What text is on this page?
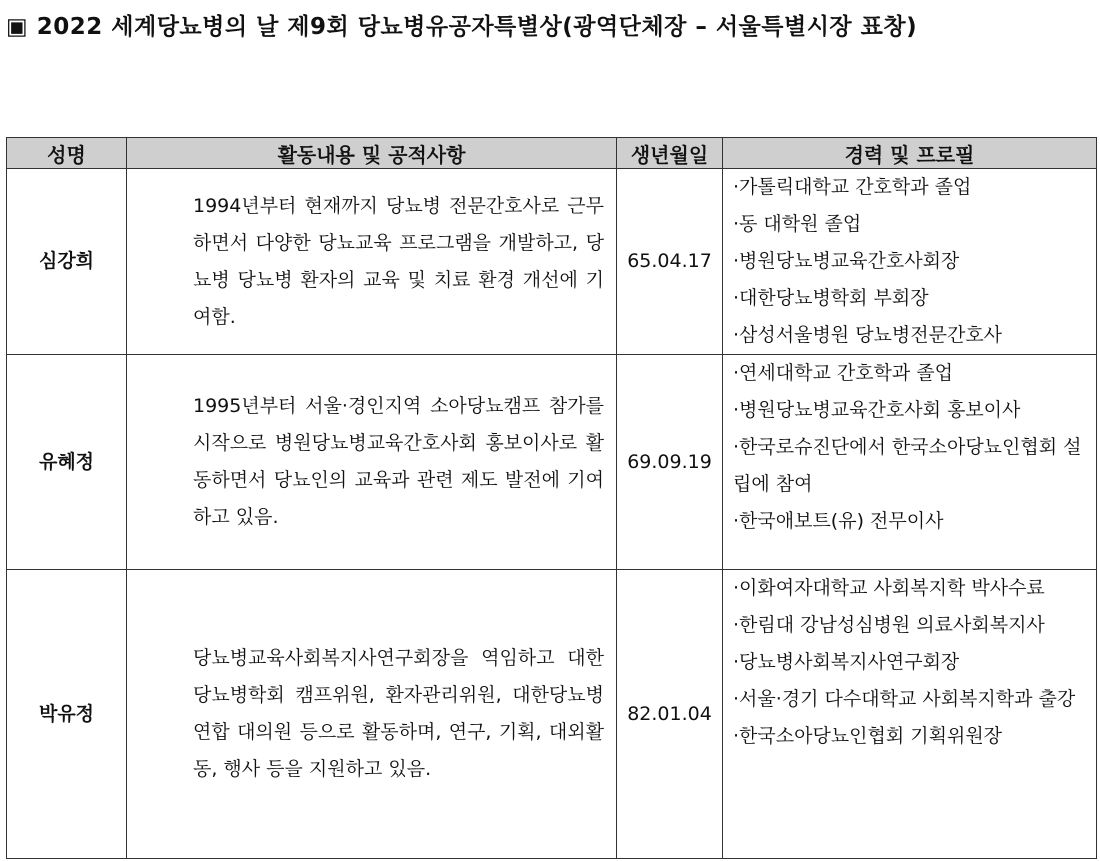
▣ 2022 세계당뇨병의 날 제9회 당뇨병유공자특별상(광역단체장 – 서울특별시장 표창)
성명	활동내용 및 공적사항	생년월일	경력 및 프로필
심강희	1994년부터 현재까지 당뇨병 전문간호사로 근무하면서 다양한 당뇨교육 프로그램을 개발하고, 당뇨병 당뇨병 환자의 교육 및 치료 환경 개선에 기여함.	65.04.17	·가톨릭대학교 간호학과 졸업
·동 대학원 졸업
·병원당뇨병교육간호사회장
·대한당뇨병학회 부회장
·삼성서울병원 당뇨병전문간호사

유혜정	1995년부터 서울·경인지역 소아당뇨캠프 참가를 시작으로 병원당뇨병교육간호사회 홍보이사로 활동하면서 당뇨인의 교육과 관련 제도 발전에 기여하고 있음.	69.09.19	·연세대학교 간호학과 졸업
·병원당뇨병교육간호사회 홍보이사
·한국로슈진단에서 한국소아당뇨인협회 설립에 참여
·한국애보트(유) 전무이사

박유정	당뇨병교육사회복지사연구회장을 역임하고 대한당뇨병학회 캠프위원, 환자관리위원, 대한당뇨병연합 대의원 등으로 활동하며, 연구, 기획, 대외활동, 행사 등을 지원하고 있음.	82.01.04	·이화여자대학교 사회복지학 박사수료
·한림대 강남성심병원 의료사회복지사
·당뇨병사회복지사연구회장
·서울·경기 다수대학교 사회복지학과 출강
·한국소아당뇨인협회 기획위원장
